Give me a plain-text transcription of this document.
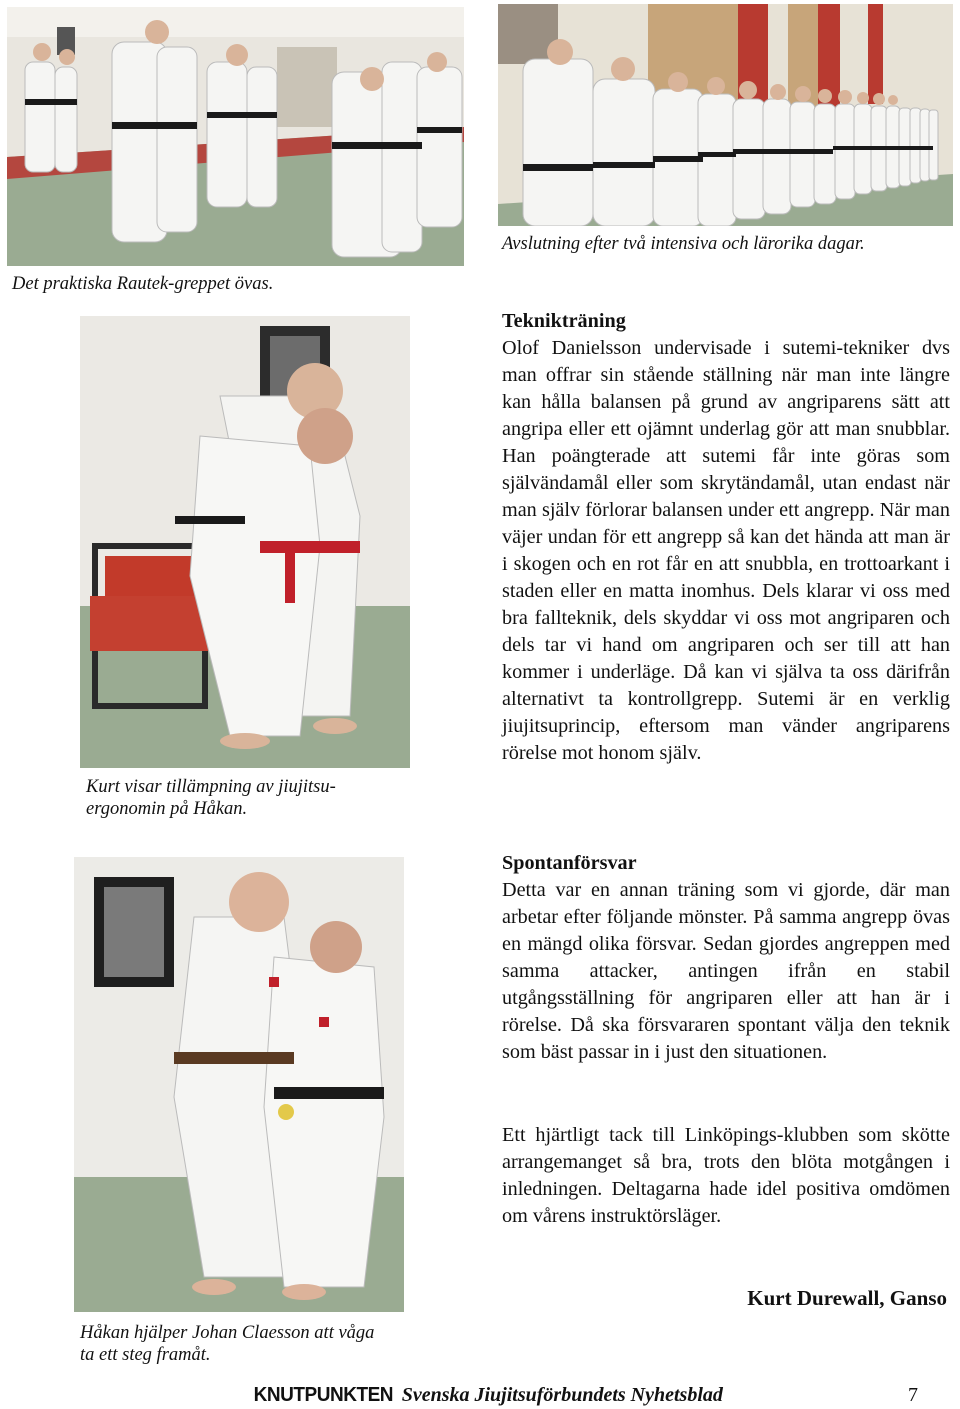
Det praktiska Rautek-greppet övas.
Avslutning efter två intensiva och lärorika dagar.
Kurt visar tillämpning av jiujitsu-
ergonomin på Håkan.
Håkan hjälper Johan Claesson att våga
ta ett steg framåt.
Teknikträning

Olof Danielsson undervisade i sutemi-tekniker dvs man offrar sin stående ställning när man inte längre kan hålla balansen på grund av angriparens sätt att angripa eller ett ojämnt underlag gör att man snubblar. Han poängterade att sutemi får inte göras som självändamål eller som skrytändamål, utan endast när man själv förlorar balansen under ett angrepp. När man väjer undan för ett angrepp så kan det hända att man är i skogen och en rot får en att snubbla, en trottoarkant i staden eller en matta inomhus. Dels klarar vi oss med bra fallteknik, dels skyddar vi oss mot angriparen och dels tar vi hand om angriparen och ser till att han kommer i underläge. Då kan vi själva ta oss därifrån alternativt ta kontrollgrepp. Sutemi är en verklig jiujitsuprincip, eftersom man vänder angriparens rörelse mot honom själv.

Spontanförsvar

Detta var en annan träning som vi gjorde, där man arbetar efter följande mönster. På samma angrepp övas en mängd olika försvar. Sedan gjordes angreppen med samma attacker, antingen ifrån en stabil utgångsställning för angriparen eller att han är i rörelse. Då ska försvararen spontant välja den teknik som bäst passar in i just den situationen.

Ett hjärtligt tack till Linköpings-klubben som skötte arrangemanget så bra, trots den blöta motgången i inledningen. Deltagarna hade idel positiva omdömen om vårens instruktörsläger.

Kurt Durewall, Ganso
KNUTPUNKTEN Svenska Jiujitsuförbundets Nyhetsblad	7
